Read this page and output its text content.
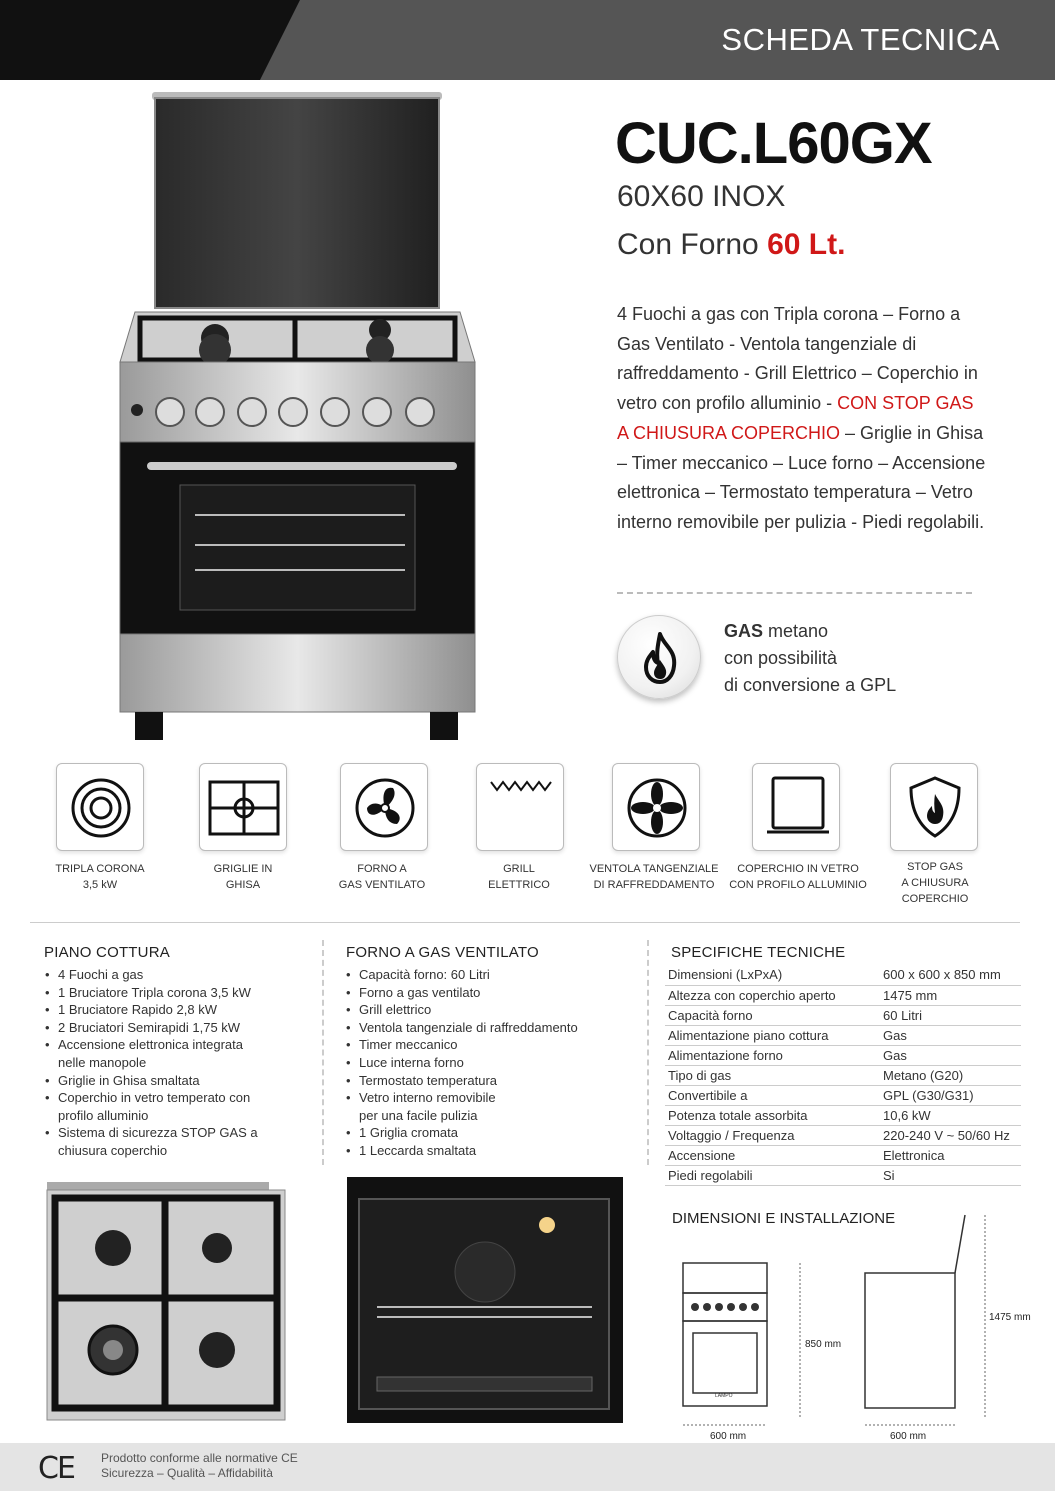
SCHEDA TECNICA
CUC.L60GX
60X60 INOX
Con Forno 60 Lt.
4 Fuochi a gas con Tripla corona – Forno a Gas Ventilato - Ventola tangenziale di raffreddamento - Grill Elettrico – Coperchio in vetro con profilo alluminio - CON STOP GAS A CHIUSURA COPERCHIO – Griglie in Ghisa – Timer meccanico – Luce forno – Accensione elettronica – Termostato temperatura – Vetro interno removibile per pulizia - Piedi regolabili.
GAS metano
con possibilità
di conversione a GPL
TRIPLA CORONA
3,5 kW
GRIGLIE IN
GHISA
FORNO A
GAS VENTILATO
GRILL
ELETTRICO
VENTOLA TANGENZIALE
DI RAFFREDDAMENTO
COPERCHIO IN VETRO
CON PROFILO ALLUMINIO
STOP GAS
A CHIUSURA
COPERCHIO
PIANO COTTURA
• 4 Fuochi a gas
• 1 Bruciatore Tripla corona 3,5 kW
• 1 Bruciatore Rapido 2,8 kW
• 2 Bruciatori Semirapidi 1,75 kW
• Accensione elettronica integrata nelle manopole
• Griglie in Ghisa smaltata
• Coperchio in vetro temperato con profilo alluminio
• Sistema di sicurezza STOP GAS a chiusura coperchio
FORNO A GAS VENTILATO
• Capacità forno: 60 Litri
• Forno a gas ventilato
• Grill elettrico
• Ventola tangenziale di raffreddamento
• Timer meccanico
• Luce interna forno
• Termostato temperatura
• Vetro interno removibile per una facile pulizia
• 1 Griglia cromata
• 1 Leccarda smaltata
SPECIFICHE TECNICHE
Dimensioni (LxPxA)	600 x 600 x 850 mm
Altezza con coperchio aperto	1475 mm
Capacità forno	60 Litri
Alimentazione piano cottura	Gas
Alimentazione forno	Gas
Tipo di gas	Metano (G20)
Convertibile a	GPL (G30/G31)
Potenza totale assorbita	10,6 kW
Voltaggio / Frequenza	220-240 V ~ 50/60 Hz
Accensione	Elettronica
Piedi regolabili	Si
DIMENSIONI E INSTALLAZIONE
LAMPO
850 mm
1475 mm
600 mm	600 mm
CE Prodotto conforme alle normative CE
Sicurezza – Qualità – Affidabilità
